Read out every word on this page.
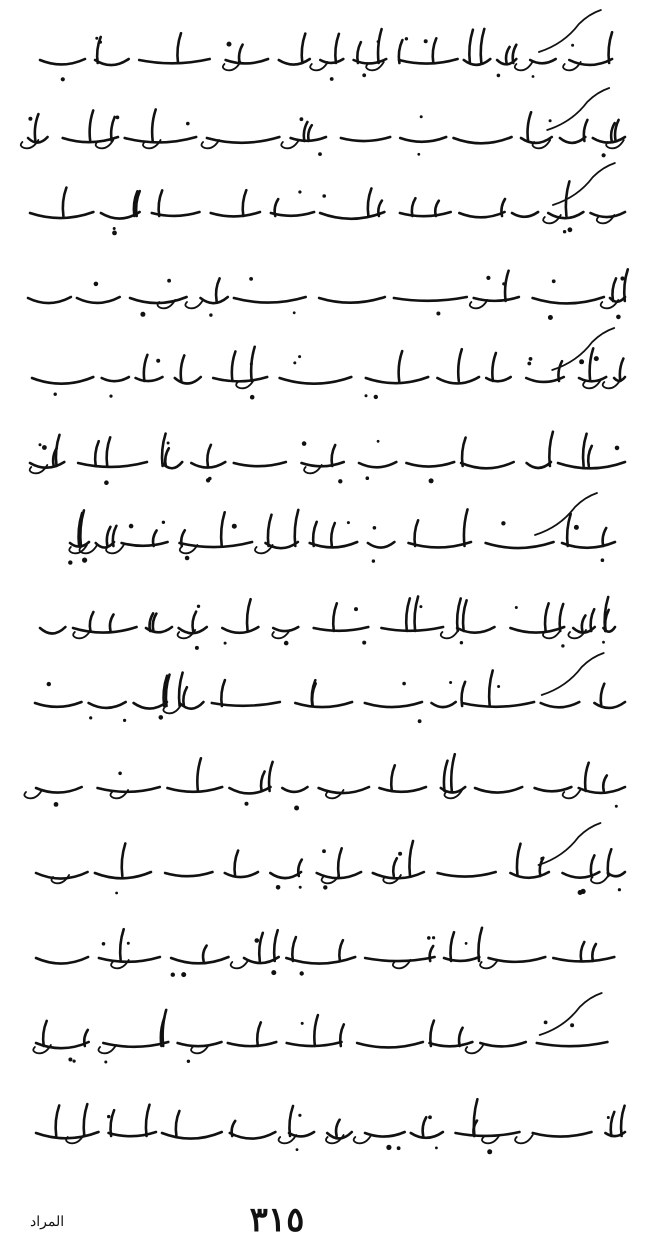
٣١٥
المراد
